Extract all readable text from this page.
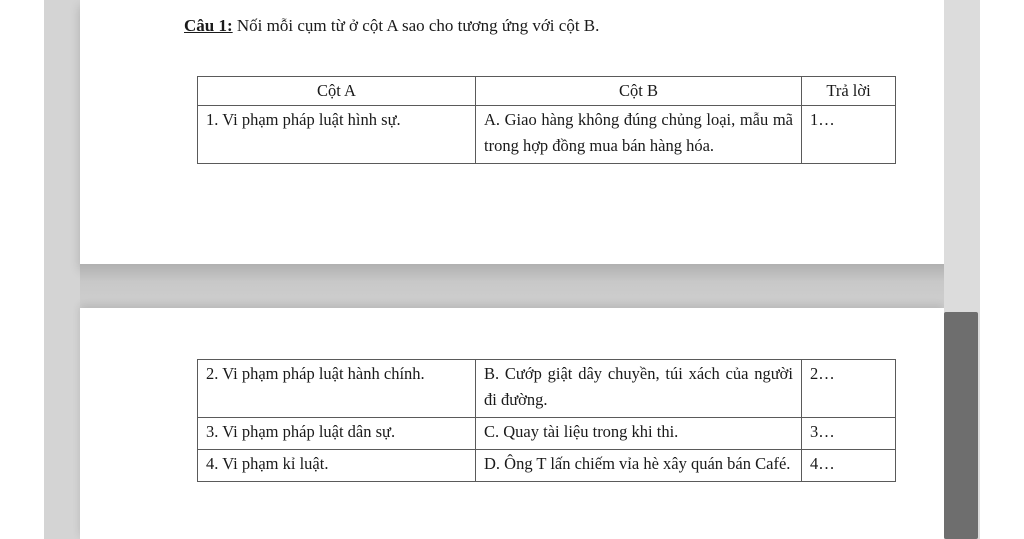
Câu 1: Nối mỗi cụm từ ở cột A sao cho tương ứng với cột B.
Cột A	Cột B	Trả lời
1. Vi phạm pháp luật hình sự.	A. Giao hàng không đúng chủng loại, mẫu mã trong hợp đồng mua bán hàng hóa.	1…
2. Vi phạm pháp luật hành chính.	B. Cướp giật dây chuyền, túi xách của người đi đường.	2…
3. Vi phạm pháp luật dân sự.	C. Quay tài liệu trong khi thi.	3…
4. Vi phạm kỉ luật.	D. Ông T lấn chiếm vỉa hè xây quán bán Café.	4…
